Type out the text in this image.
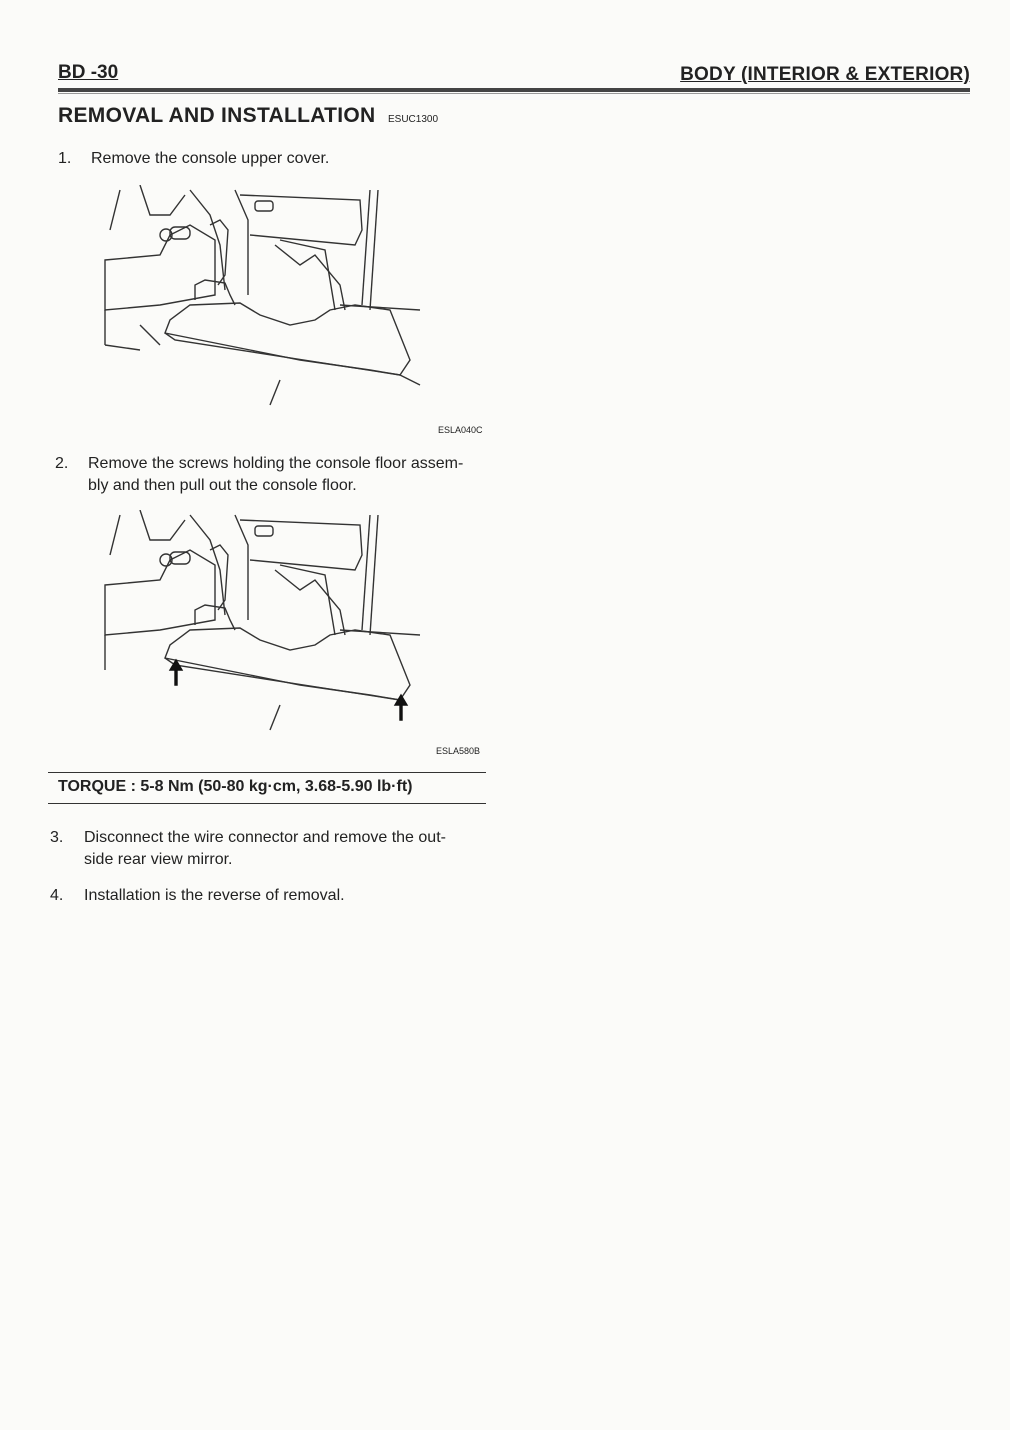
BD -30	BODY (INTERIOR & EXTERIOR)
REMOVAL AND INSTALLATION ESUC1300
1. Remove the console upper cover.
ESLA040C
2. Remove the screws holding the console floor assem-
bly and then pull out the console floor.
ESLA580B
TORQUE : 5-8 Nm (50-80 kg·cm, 3.68-5.90 lb·ft)
3. Disconnect the wire connector and remove the out-
side rear view mirror.
4. Installation is the reverse of removal.
